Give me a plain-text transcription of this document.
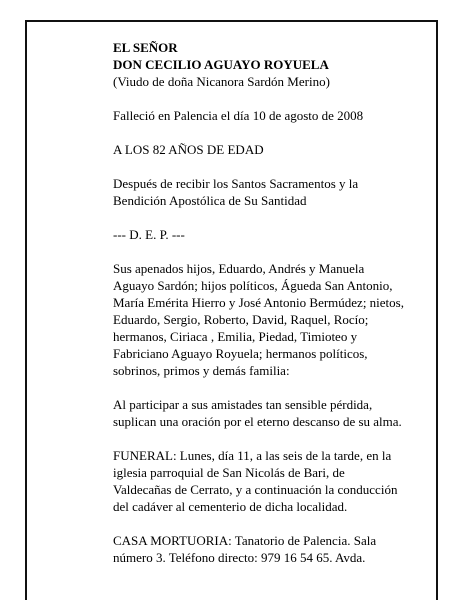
EL SEÑOR
DON CECILIO AGUAYO ROYUELA
(Viudo de doña Nicanora Sardón Merino)

Falleció en Palencia el día 10 de agosto de 2008

A LOS 82 AÑOS DE EDAD

Después de recibir los Santos Sacramentos y la
Bendición Apostólica de Su Santidad

--- D. E. P. ---

Sus apenados hijos, Eduardo, Andrés y Manuela
Aguayo Sardón; hijos políticos, Águeda San Antonio,
María Emérita Hierro y José Antonio Bermúdez; nietos,
Eduardo, Sergio, Roberto, David, Raquel, Rocío;
hermanos, Ciriaca , Emilia, Piedad, Timioteo y
Fabriciano Aguayo Royuela; hermanos políticos,
sobrinos, primos y demás familia:

Al participar a sus amistades tan sensible pérdida,
suplican una oración por el eterno descanso de su alma.

FUNERAL: Lunes, día 11, a las seis de la tarde, en la
iglesia parroquial de San Nicolás de Bari, de
Valdecañas de Cerrato, y a continuación la conducción
del cadáver al cementerio de dicha localidad.

CASA MORTUORIA: Tanatorio de Palencia. Sala
número 3. Teléfono directo: 979 16 54 65. Avda.
